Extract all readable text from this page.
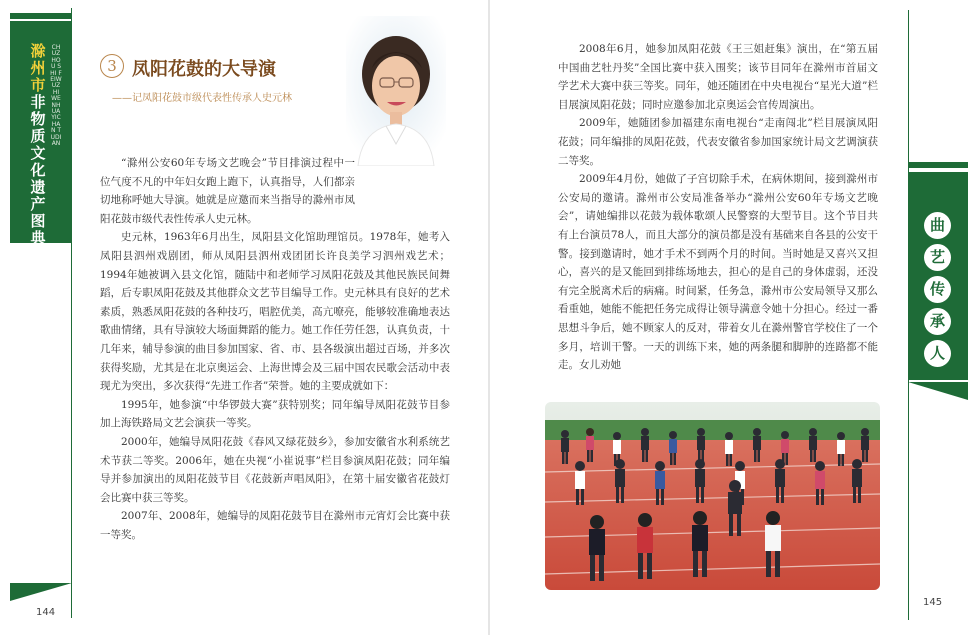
滁
州
市
非
物
质
文
化
遗
产
图
典
CHUZHOU SHI FEIWUZHI WENHUA YICHAN TUDIAN
144
3 凤阳花鼓的大导演
——记凤阳花鼓市级代表性传承人史元林

“滁州公安60年专场文艺晚会”节目排演过程中一位气度不凡的中年妇女跑上跑下，认真指导，人们都亲切地称呼她大导演。她就是应邀而来当指导的滁州市凤阳花鼓市级代表性传承人史元林。

史元林，1963年6月出生，凤阳县文化馆助理馆员。1978年，她考入凤阳县泗州戏剧团，师从凤阳县泗州戏团团长许良美学习泗州戏艺术；1994年她被调入县文化馆，随陆中和老师学习凤阳花鼓及其他民族民间舞蹈，后专职凤阳花鼓及其他群众文艺节目编导工作。史元林具有良好的艺术素质，熟悉凤阳花鼓的各种技巧，唱腔优美，高亢嘹亮，能够较准确地表达歌曲情绪，具有导演较大场面舞蹈的能力。她工作任劳任怨，认真负责，十几年来，辅导参演的曲目参加国家、省、市、县各级演出超过百场，并多次获得奖励，尤其是在北京奥运会、上海世博会及三届中国农民歌会活动中表现尤为突出，多次获得“先进工作者”荣誉。她的主要成就如下：

1995年，她参演“中华锣鼓大赛”获特别奖；同年编导凤阳花鼓节目参加上海铁路局文艺会演获一等奖。

2000年，她编导凤阳花鼓《春风又绿花鼓乡》，参加安徽省水利系统艺术节获二等奖。2006年，她在央视“小崔说事”栏目参演凤阳花鼓；同年编导并参加演出的凤阳花鼓节目《花鼓新声唱凤阳》，在第十届安徽省花鼓灯会比赛中获三等奖。

2007年、2008年，她编导的凤阳花鼓节目在滁州市元宵灯会比赛中获一等奖。

2008年6月，她参加凤阳花鼓《王三姐赶集》演出，在“第五届中国曲艺牡丹奖”全国比赛中获入围奖；该节目同年在滁州市首届文学艺术大赛中获三等奖。同年，她还随团在中央电视台“星光大道”栏目展演凤阳花鼓；同时应邀参加北京奥运会官传周演出。

2009年，她随团参加福建东南电视台“走南闯北”栏目展演凤阳花鼓；同年编排的凤阳花鼓，代表安徽省参加国家统计局文艺调演获二等奖。

2009年4月份，她做了子宫切除手术，在病休期间，接到滁州市公安局的邀请。滁州市公安局准备举办“滁州公安60年专场文艺晚会”，请她编排以花鼓为载体歌颂人民警察的大型节目。这个节目共有上台演员78人，而且大部分的演员都是没有基础来自各县的公安干警。接到邀请时，她才手术不到两个月的时间。当时她是又喜兴又担心，喜兴的是又能回到排练场地去，担心的是自己的身体虚弱，还没有完全脱离术后的病痛。时间紧，任务急，滁州市公安局领导又那么看重她，她能不能把任务完成得让领导满意令她十分担心。经过一番思想斗争后，她不顾家人的反对，带着女儿在滁州警官学校住了一个多月，培训干警。一天的训练下来，她的两条腿和脚肿的连路都不能走。女儿劝她

曲
艺
传
承
人
145
